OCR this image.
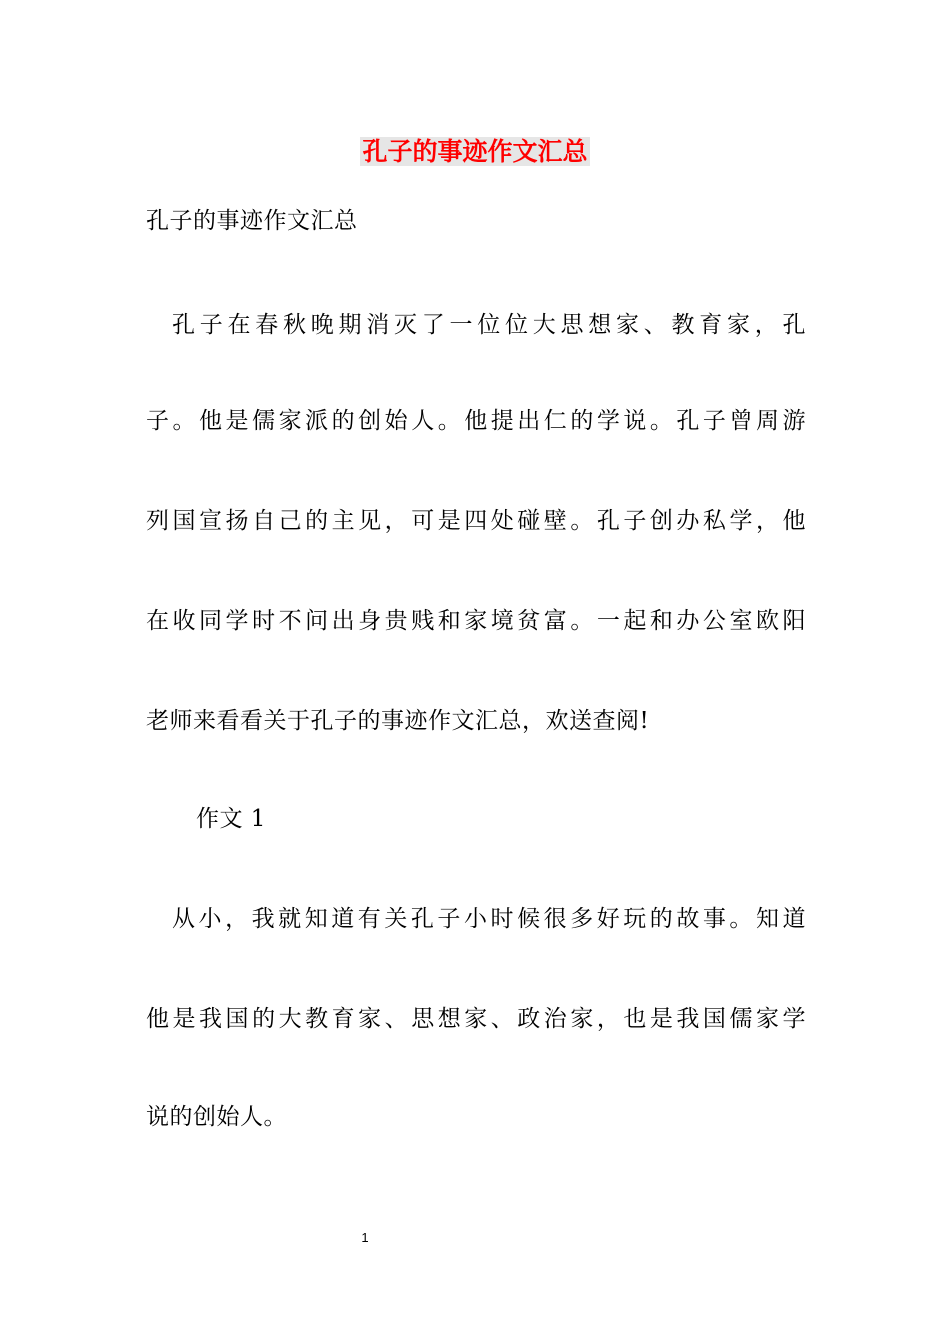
孔子的事迹作文汇总

孔子的事迹作文汇总

孔子在春秋晚期消灭了一位位大思想家、教育家，孔

子。他是儒家派的创始人。他提出仁的学说。孔子曾周游

列国宣扬自己的主见，可是四处碰壁。孔子创办私学，他

在收同学时不问出身贵贱和家境贫富。一起和办公室欧阳

老师来看看关于孔子的事迹作文汇总，欢送查阅!

作文 1

从小，我就知道有关孔子小时候很多好玩的故事。知道

他是我国的大教育家、思想家、政治家，也是我国儒家学

说的创始人。

1
